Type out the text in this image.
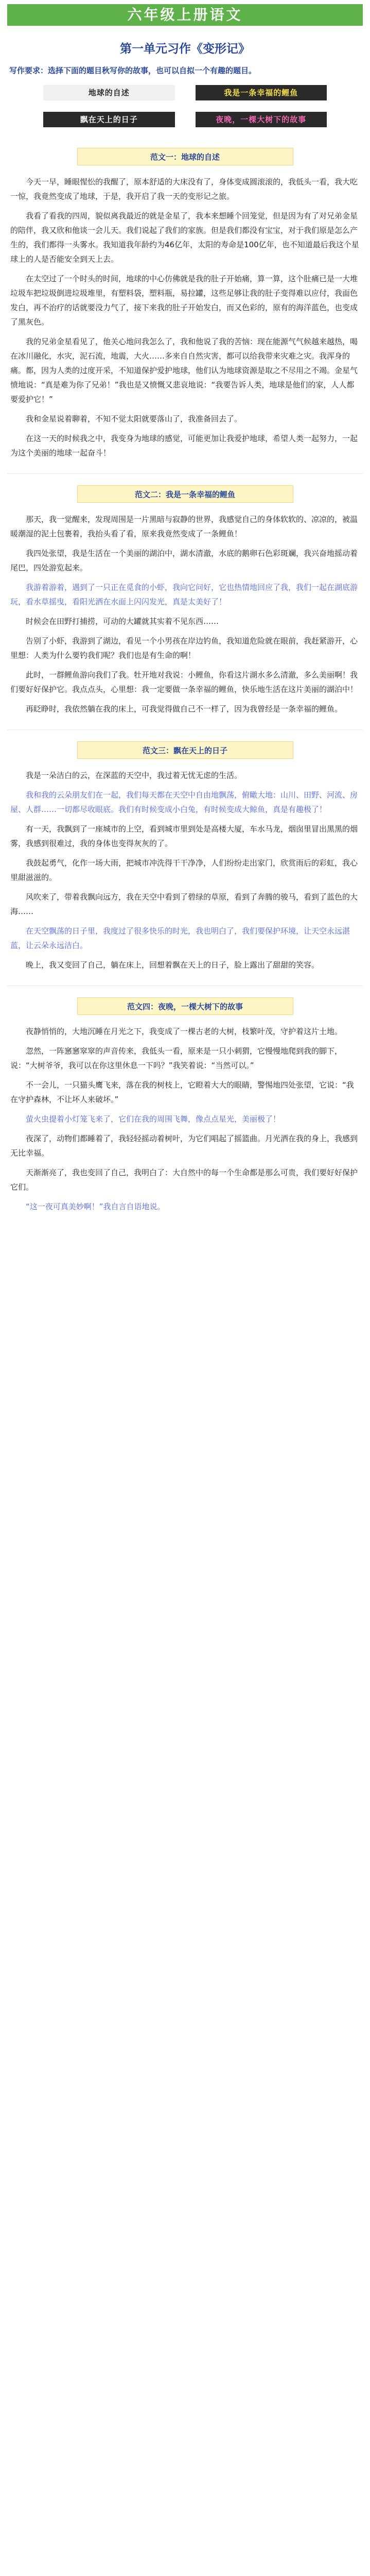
六年级上册语文
第一单元习作《变形记》
写作要求：选择下面的题目秋写你的故事，也可以自拟一个有趣的题目。
地球的自述	我是一条幸福的鲤鱼
飘在天上的日子	夜晚，一棵大树下的故事
范文一：地球的自述

今天一早，睡眼惺忪的我醒了，原本舒适的大床没有了，身体变成圆滚滚的，我低头一看，我大吃一惊，我竟然变成了地球，于是，我开启了我一天的变形记之旅。

我看了看我的四周，貌似离我最近的就是金星了，我本来想睡个回笼觉，但是因为有了对兄弟金星的陪伴，我又欣和他谈一会儿天。我们说起了我们的家族。但是我们都没有宝宝，对于我们原是怎么产生的，我们都得一头雾水。我知道我年龄约为46亿年，太阳的寿命是100亿年，也不知道最后我这个星球上的人是否能安全到天上去。

在太空过了一个时头的时间，地球的中心仿佛就是我的肚子开始痛，算一算，这个肚痛已是一大堆垃圾车把垃圾倒进垃圾堆里，有塑料袋，塑料瓶，易拉罐，这些足够让我的肚子变得难以应付，我面色发白，再不治疗的话就要没力气了，接下来我的肚子开始发白，而又色彩的，原有的海洋蓝色，也变成了黑灰色。

我的兄弟金星看见了，他关心地问我怎么了，我和他说了我的苦恼：现在能源气气候越来越热，喝在冰川融化，水灾，泥石流，地震，大火……多来自自然灾害，都可以给我带来灾难之灾。我浑身的痛。都，因为人类的过度开采，不知道保护爱护地球，他们认为地球资源是取之不尽用之不竭。金星气愤地说：“真是难为你了兄弟！”我也是又愤慨又悲哀地说：“我要告诉人类，地球是他们的家，人人都要爱护它！”

我和金星说着聊着，不知不觉太阳就要落山了，我准备回去了。

在这一天的时候我之中，我变身为地球的感觉，可能更加让我爱护地球，希望人类一起努力，一起为这个美丽的地球一起奋斗！

范文二：我是一条幸福的鲤鱼

那天，我一觉醒来，发现周围是一片黑暗与寂静的世界，我感觉自己的身体软软的、凉凉的，被温暖潮湿的泥土包裹着，我抬头看了看，原来我竟然变成了一条鲤鱼！

我四处张望，我是生活在一个美丽的湖泊中，湖水清澈，水底的鹅卵石色彩斑斓，我兴奋地摇动着尾巴，四处游览起来。

我游着游着，遇到了一只正在觅食的小虾，我向它问好，它也热情地回应了我，我们一起在湖底游玩，看水草摇曳，看阳光洒在水面上闪闪发光，真是太美好了！

时候会在田野打捕捞，可动的大罐就其实着不见东西……

告别了小虾，我游到了湖边，看见一个小男孩在岸边钓鱼，我知道危险就在眼前，我赶紧游开，心里想：人类为什么要钓我们呢？我们也是有生命的啊！

此时，一群鲤鱼游向我们了我。牡开地对我说：小鲤鱼，你看这片湖水多么清澈，多么美丽啊！我们要好好保护它。我点点头，心里想：我一定要做一条幸福的鲤鱼，快乐地生活在这片美丽的湖泊中！

再眨睁时，我依然躺在我的床上，可我觉得做自己不一样了，因为我曾经是一条幸福的鲤鱼。

范文三：飘在天上的日子

我是一朵洁白的云，在深蓝的天空中，我过着无忧无虑的生活。

我和我的云朵朋友们在一起，我们每天都在天空中自由地飘荡，俯瞰大地：山川、田野、河流、房屋、人群……一切都尽收眼底。我们有时候变成小白兔，有时候变成大鲸鱼，真是有趣极了！

有一天，我飘到了一座城市的上空，看到城市里到处是高楼大厦，车水马龙，烟囱里冒出黑黑的烟雾，我感到很难过，我的身体也变得灰灰的了。

我鼓起勇气，化作一场大雨，把城市冲洗得干干净净，人们纷纷走出家门，欣赏雨后的彩虹，我心里甜滋滋的。

风吹来了，带着我飘向远方，我在天空中看到了碧绿的草原，看到了奔腾的骏马，看到了蓝色的大海……

在天空飘荡的日子里，我度过了很多快乐的时光，我也明白了，我们要保护环境，让天空永远湛蓝，让云朵永远洁白。

晚上，我又变回了自己，躺在床上，回想着飘在天上的日子，脸上露出了甜甜的笑容。

范文四：夜晚，一棵大树下的故事

夜静悄悄的，大地沉睡在月光之下，我变成了一棵古老的大树，枝繁叶茂，守护着这片土地。

忽然，一阵窸窸窣窣的声音传来，我低头一看，原来是一只小刺猬，它慢慢地爬到我的脚下，说：“大树爷爷，我可以在你这里休息一下吗？”我笑着说：“当然可以。”

不一会儿，一只猫头鹰飞来，落在我的树枝上，它瞪着大大的眼睛，警惕地四处张望，它说：“我在守护森林，不让坏人来破坏。”

萤火虫提着小灯笼飞来了，它们在我的周围飞舞，像点点星光，美丽极了！

夜深了，动物们都睡着了，我轻轻摇动着树叶，为它们唱起了摇篮曲。月光洒在我的身上，我感到无比幸福。

天渐渐亮了，我也变回了自己，我明白了：大自然中的每一个生命都是那么可贵，我们要好好保护它们。

“这一夜可真美妙啊！”我自言自语地说。
